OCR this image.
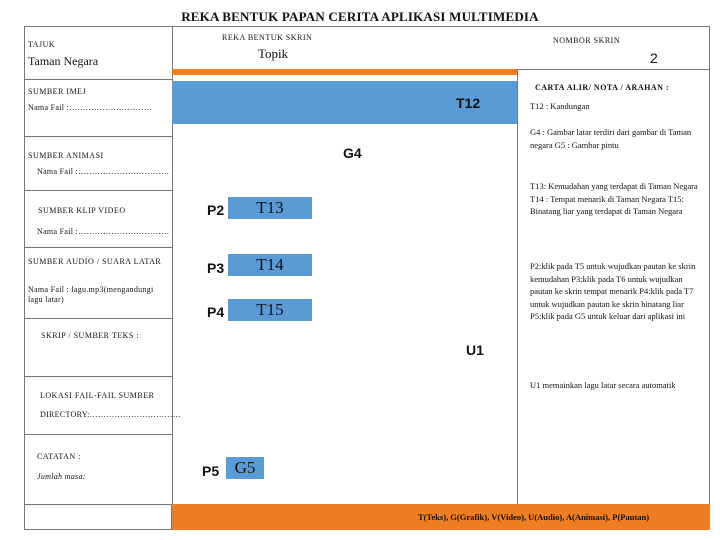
REKA BENTUK PAPAN CERITA APLIKASI MULTIMEDIA
TAJUK
Taman Negara
REKA BENTUK SKRIN
Topik
NOMBOR SKRIN
2
T12
SUMBER IMEJ
Nama Fail :…………………………
SUMBER ANIMASI
Nama Fail :……………………………
SUMBER KLIP VIDEO
Nama Fail :……………………………
SUMBER AUDIO / SUARA LATAR
Nama Fail : lagu.mp3(mengandungi lagu latar)
SKRIP / SUMBER TEKS :
LOKASI FAIL-FAIL SUMBER
DIRECTORY:……………………………
CATATAN :
Jumlah masa:
G4
P2	T13
P3	T14
P4	T15
U1
P5 G5
CARTA ALIR/ NOTA / ARAHAN :
T12 : Kandungan
G4 : Gambar latar terdiri dari gambar di Taman negara G5 : Gambar pintu
T13: Kemudahan yang terdapat di Taman Negara T14 : Tempat menarik di Taman Negara T15: Binatang liar yang terdapat di Taman Negara
P2:klik pada T5 untuk wujudkan pautan ke skrin kemudahan P3:klik pada T6 untuk wujudkan pautan ke skrin tempat menarik P4:klik pada T7 untuk wujudkan pautan ke skrin binatang liar P5:klik pada G5 untuk keluar dari aplikasi ini
U1 memainkan lagu latar secara automatik
T(Teks), G(Grafik), V(Video), U(Audio), A(Animasi), P(Pautan)
